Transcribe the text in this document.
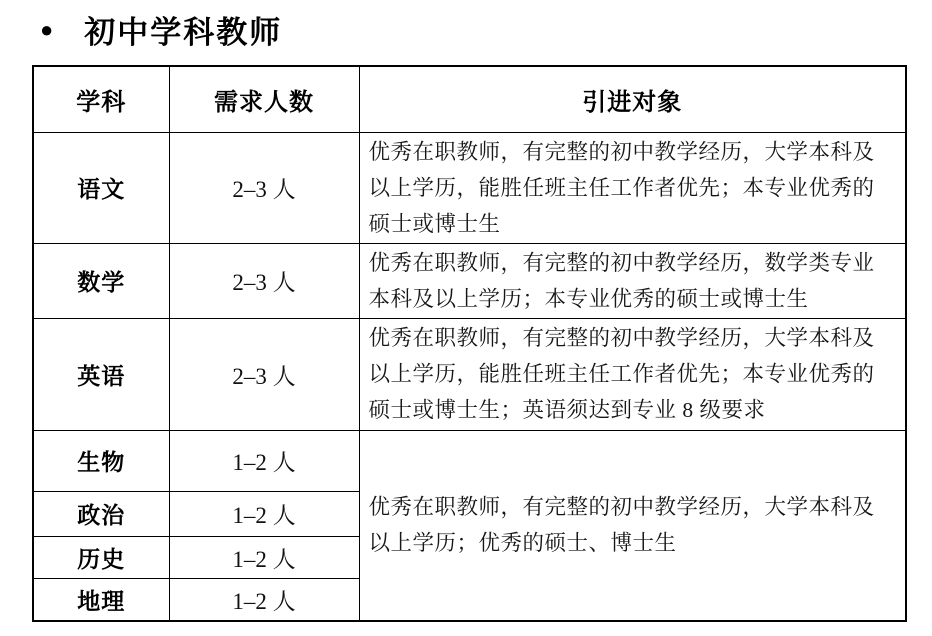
● 初中学科教师
学科	需求人数	引进对象
语文	2–3 人	优秀在职教师，有完整的初中教学经历，大学本科及以上学历，能胜任班主任工作者优先；本专业优秀的硕士或博士生
数学	2–3 人	优秀在职教师，有完整的初中教学经历，数学类专业本科及以上学历；本专业优秀的硕士或博士生
英语	2–3 人	优秀在职教师，有完整的初中教学经历，大学本科及以上学历，能胜任班主任工作者优先；本专业优秀的硕士或博士生；英语须达到专业 8 级要求
生物	1–2 人	优秀在职教师，有完整的初中教学经历，大学本科及以上学历；优秀的硕士、博士生
政治	1–2 人	
历史	1–2 人	
地理	1–2 人	
